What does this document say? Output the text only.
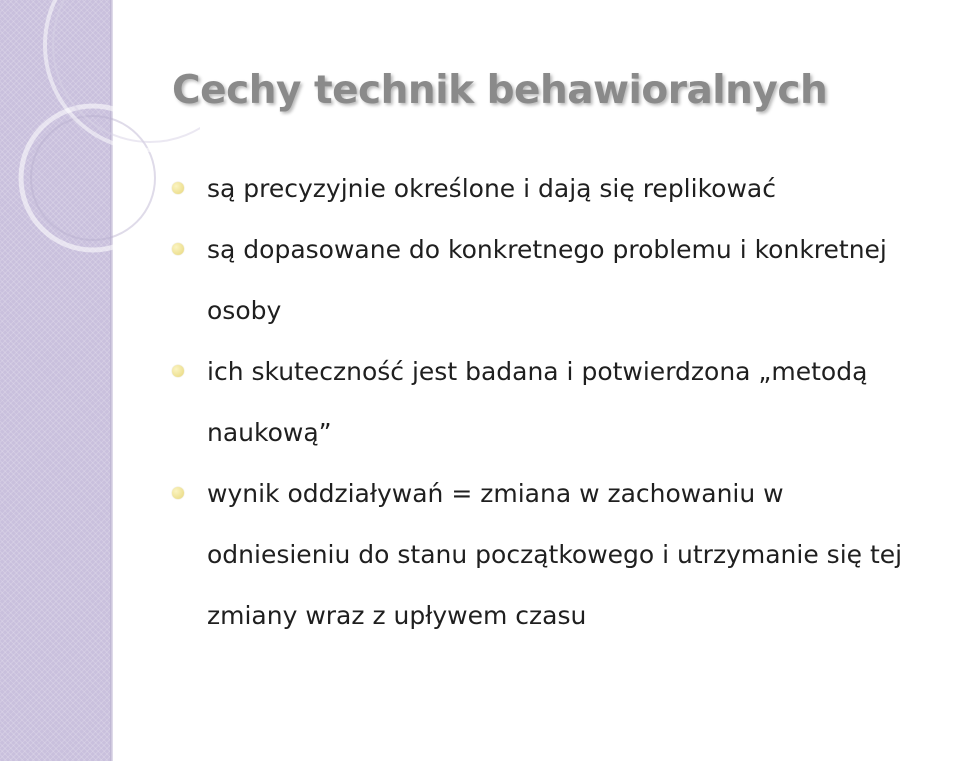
Cechy technik behawioralnych
są precyzyjnie określone i dają się replikować
są dopasowane do konkretnego problemu i konkretnej
osoby
ich skuteczność jest badana i potwierdzona „metodą
naukową”
wynik oddziaływań = zmiana w zachowaniu w
odniesieniu do stanu początkowego i utrzymanie się tej
zmiany wraz z upływem czasu
